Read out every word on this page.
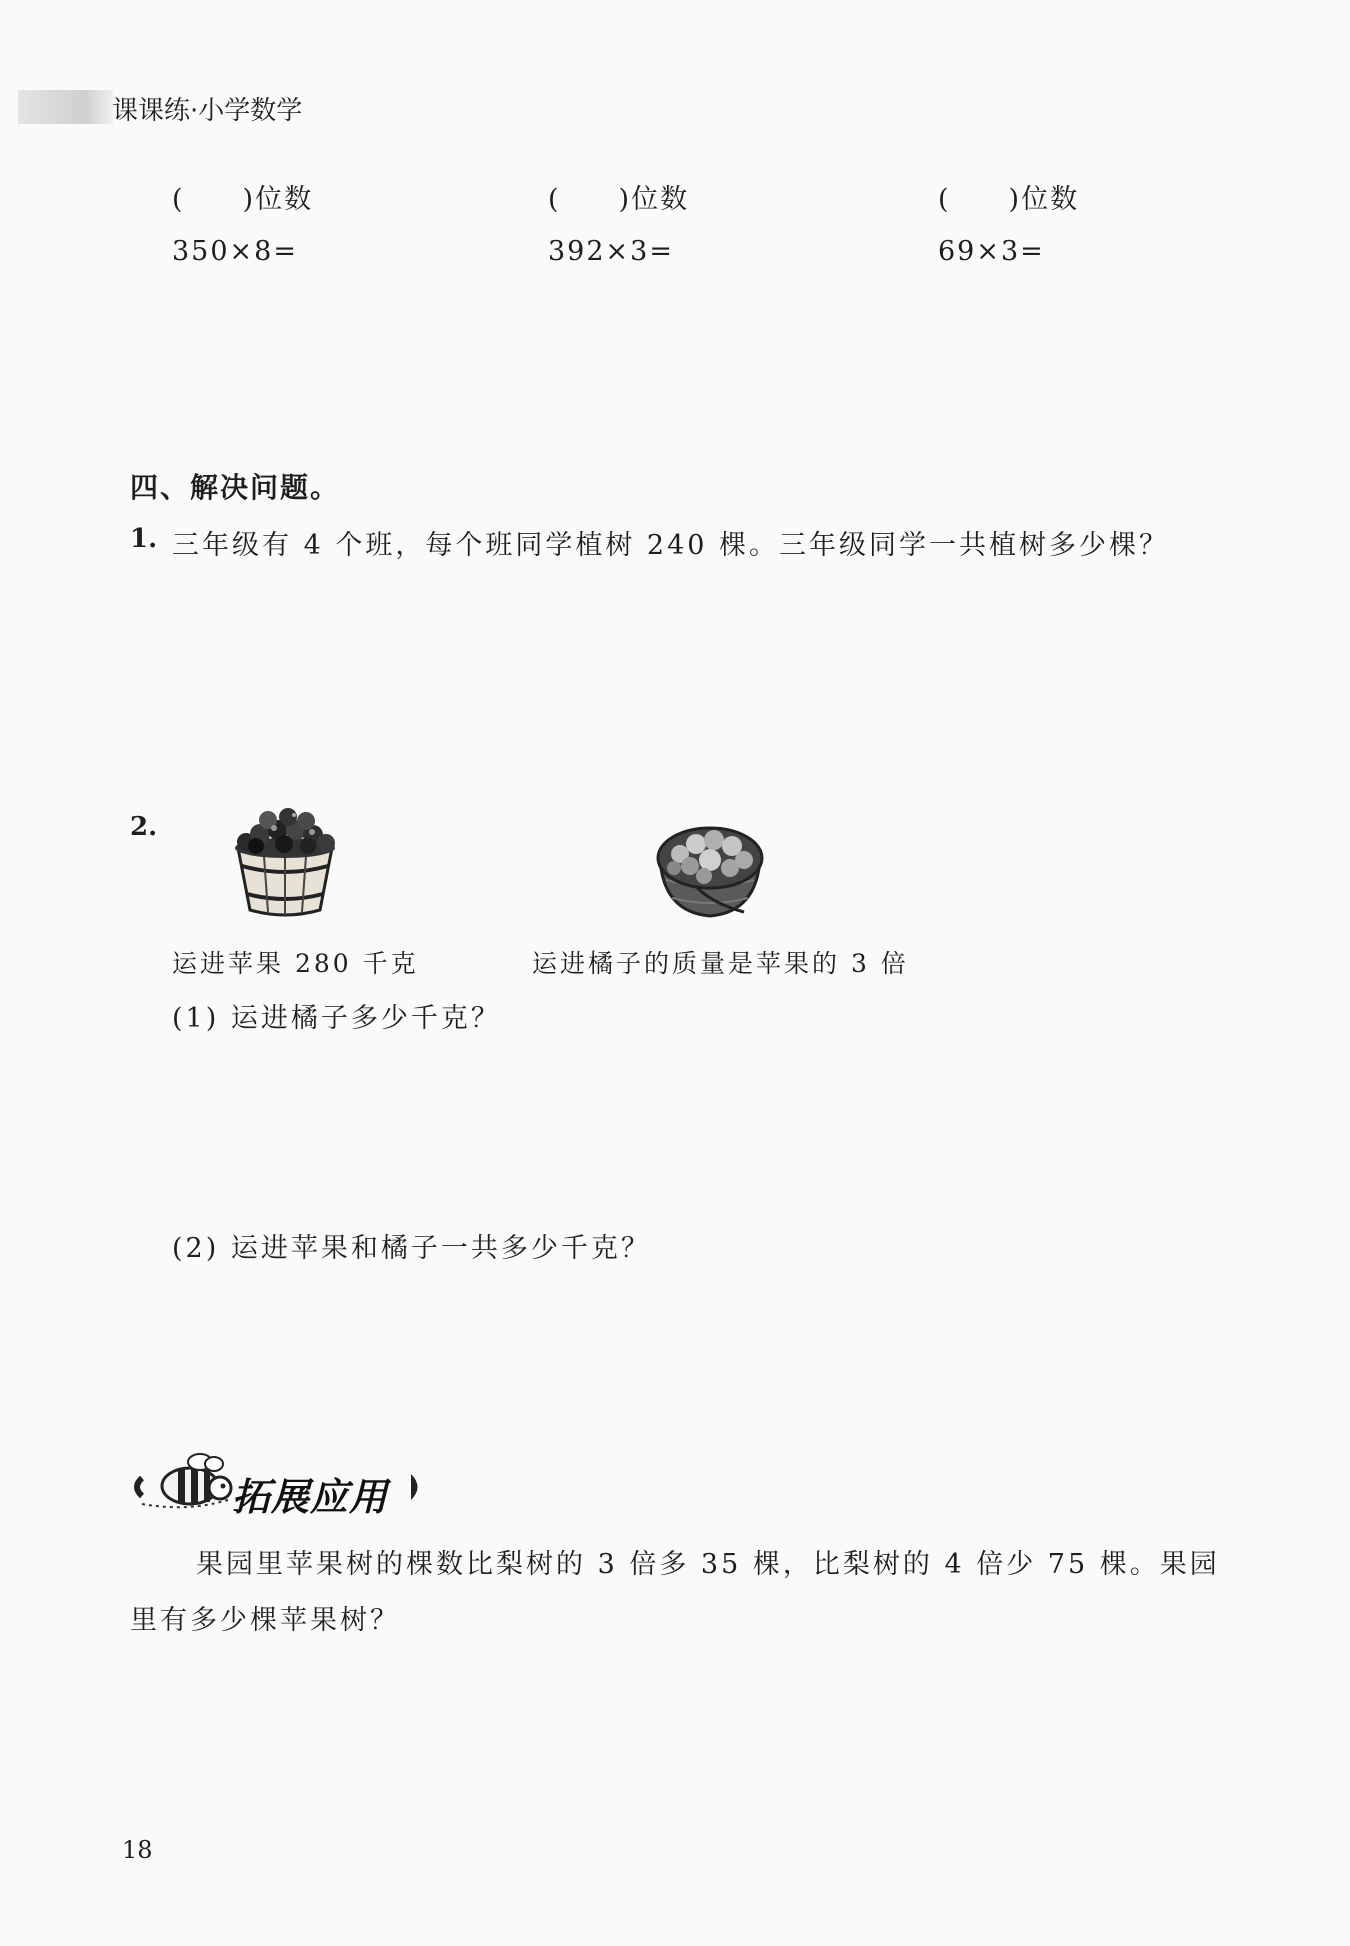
课课练·小学数学
(　　)位数	(　　)位数	(　　)位数
350×8=	392×3=	69×3=
四、解决问题。
1. 三年级有 4 个班，每个班同学植树 240 棵。三年级同学一共植树多少棵？
2.
运进苹果 280 千克	运进橘子的质量是苹果的 3 倍
(1) 运进橘子多少千克？
(2) 运进苹果和橘子一共多少千克？
拓展应用
果园里苹果树的棵数比梨树的 3 倍多 35 棵，比梨树的 4 倍少 75 棵。果园
里有多少棵苹果树？
18
